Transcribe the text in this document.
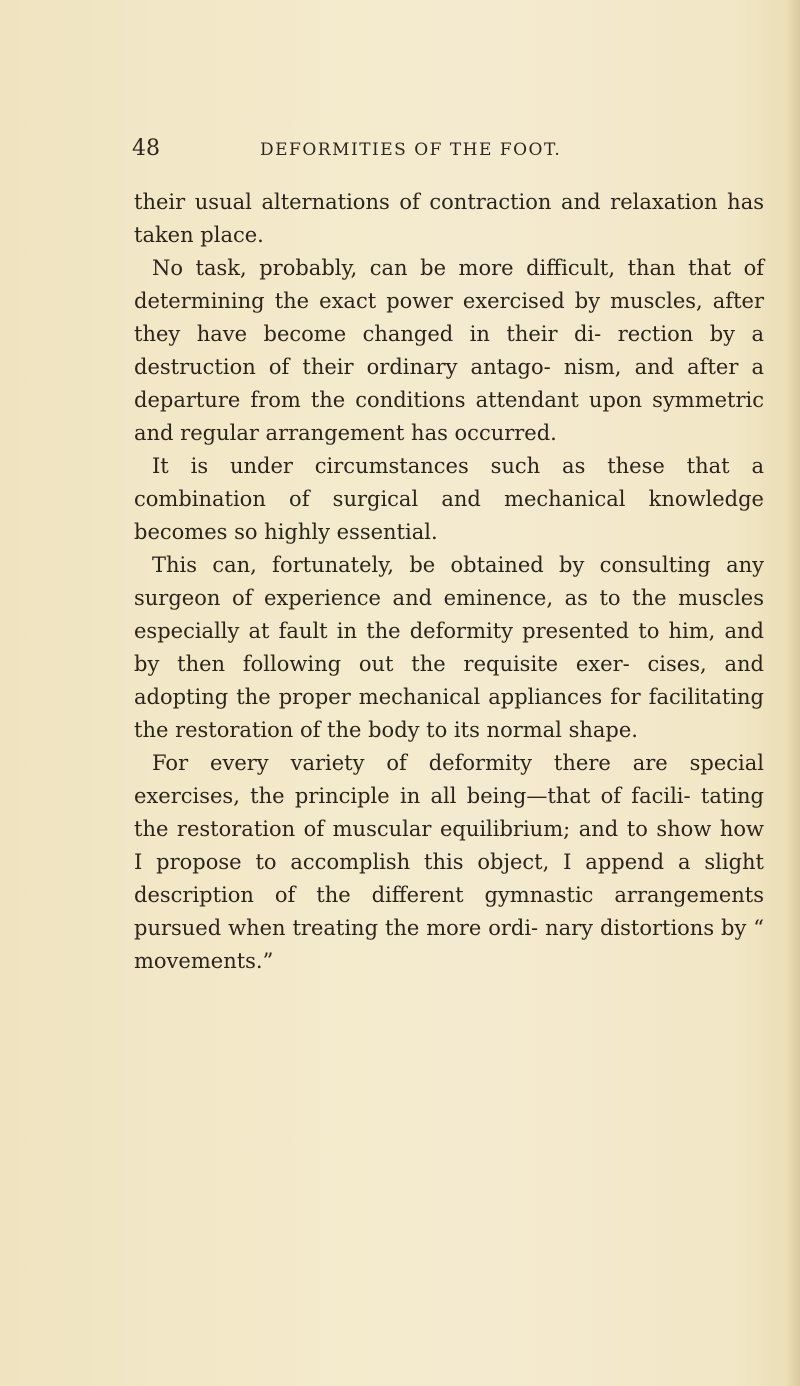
48	DEFORMITIES OF THE FOOT.

their usual alternations of contraction and relaxation has taken place.

No task, probably, can be more difficult, than that of determining the exact power exercised by muscles, after they have become changed in their di- rection by a destruction of their ordinary antago- nism, and after a departure from the conditions attendant upon symmetric and regular arrangement has occurred.

It is under circumstances such as these that a combination of surgical and mechanical knowledge becomes so highly essential.

This can, fortunately, be obtained by consulting any surgeon of experience and eminence, as to the muscles especially at fault in the deformity presented to him, and by then following out the requisite exer- cises, and adopting the proper mechanical appliances for facilitating the restoration of the body to its normal shape.

For every variety of deformity there are special exercises, the principle in all being—that of facili- tating the restoration of muscular equilibrium; and to show how I propose to accomplish this object, I append a slight description of the different gymnastic arrangements pursued when treating the more ordi- nary distortions by “ movements.”
